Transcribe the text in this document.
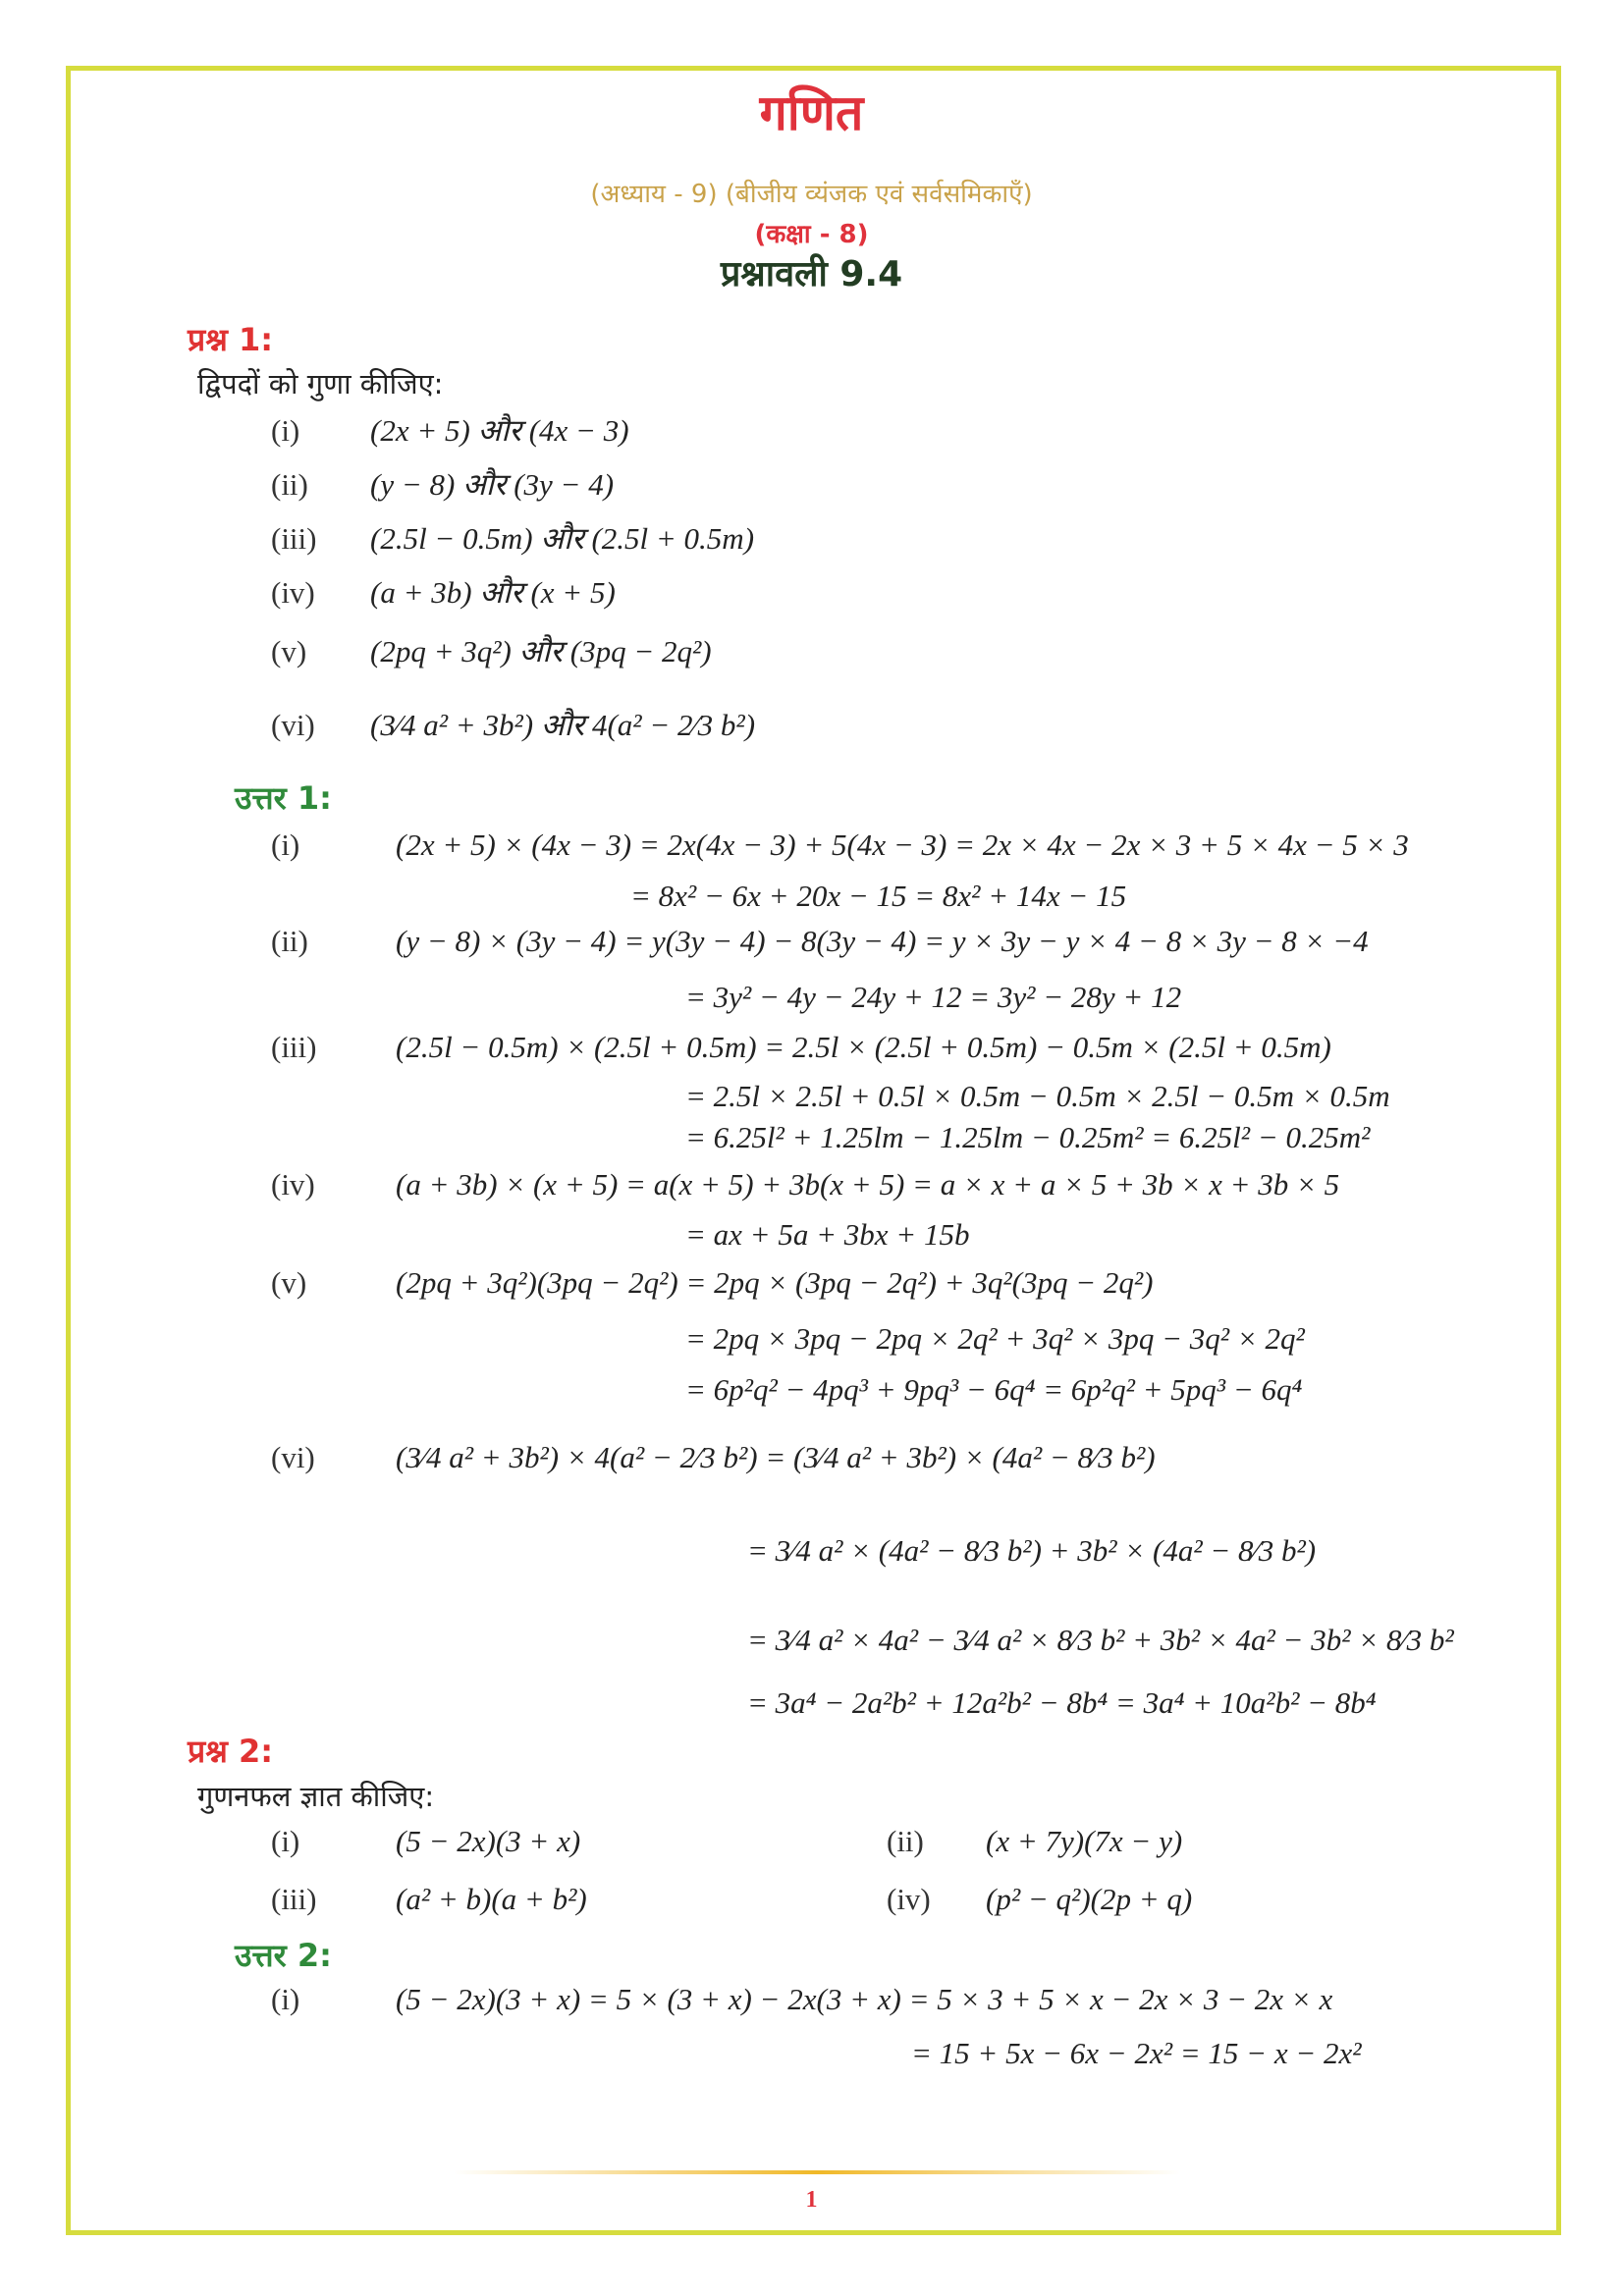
गणित
(अध्याय - 9) (बीजीय व्यंजक एवं सर्वसमिकाएँ)
(कक्षा - 8)
प्रश्नावली 9.4
प्रश्न 1:
द्विपदों को गुणा कीजिए:
(i) (2x + 5) और (4x − 3)
(ii) (y − 8) और (3y − 4)
(iii) (2.5l − 0.5m) और (2.5l + 0.5m)
(iv) (a + 3b) और (x + 5)
(v) (2pq + 3q²) और (3pq − 2q²)
(vi) (3⁄4 a² + 3b²) और 4(a² − 2⁄3 b²)
उत्तर 1:
(i)	(2x + 5) × (4x − 3) = 2x(4x − 3) + 5(4x − 3) = 2x × 4x − 2x × 3 + 5 × 4x − 5 × 3
= 8x² − 6x + 20x − 15 = 8x² + 14x − 15
(ii)	(y − 8) × (3y − 4) = y(3y − 4) − 8(3y − 4) = y × 3y − y × 4 − 8 × 3y − 8 × −4
= 3y² − 4y − 24y + 12 = 3y² − 28y + 12
(iii)	(2.5l − 0.5m) × (2.5l + 0.5m) = 2.5l × (2.5l + 0.5m) − 0.5m × (2.5l + 0.5m)
= 2.5l × 2.5l + 0.5l × 0.5m − 0.5m × 2.5l − 0.5m × 0.5m
= 6.25l² + 1.25lm − 1.25lm − 0.25m² = 6.25l² − 0.25m²
(iv)	(a + 3b) × (x + 5) = a(x + 5) + 3b(x + 5) = a × x + a × 5 + 3b × x + 3b × 5
= ax + 5a + 3bx + 15b
(v)	(2pq + 3q²)(3pq − 2q²) = 2pq × (3pq − 2q²) + 3q²(3pq − 2q²)
= 2pq × 3pq − 2pq × 2q² + 3q² × 3pq − 3q² × 2q²
= 6p²q² − 4pq³ + 9pq³ − 6q⁴ = 6p²q² + 5pq³ − 6q⁴
(vi)	(3⁄4 a² + 3b²) × 4(a² − 2⁄3 b²) = (3⁄4 a² + 3b²) × (4a² − 8⁄3 b²)
= 3⁄4 a² × (4a² − 8⁄3 b²) + 3b² × (4a² − 8⁄3 b²)
= 3⁄4 a² × 4a² − 3⁄4 a² × 8⁄3 b² + 3b² × 4a² − 3b² × 8⁄3 b²
= 3a⁴ − 2a²b² + 12a²b² − 8b⁴ = 3a⁴ + 10a²b² − 8b⁴
प्रश्न 2:
गुणनफल ज्ञात कीजिए:
(i)	(5 − 2x)(3 + x)	(ii) (x + 7y)(7x − y)
(iii)	(a² + b)(a + b²)	(iv) (p² − q²)(2p + q)
उत्तर 2:
(i)	(5 − 2x)(3 + x) = 5 × (3 + x) − 2x(3 + x) = 5 × 3 + 5 × x − 2x × 3 − 2x × x
= 15 + 5x − 6x − 2x² = 15 − x − 2x²
1
